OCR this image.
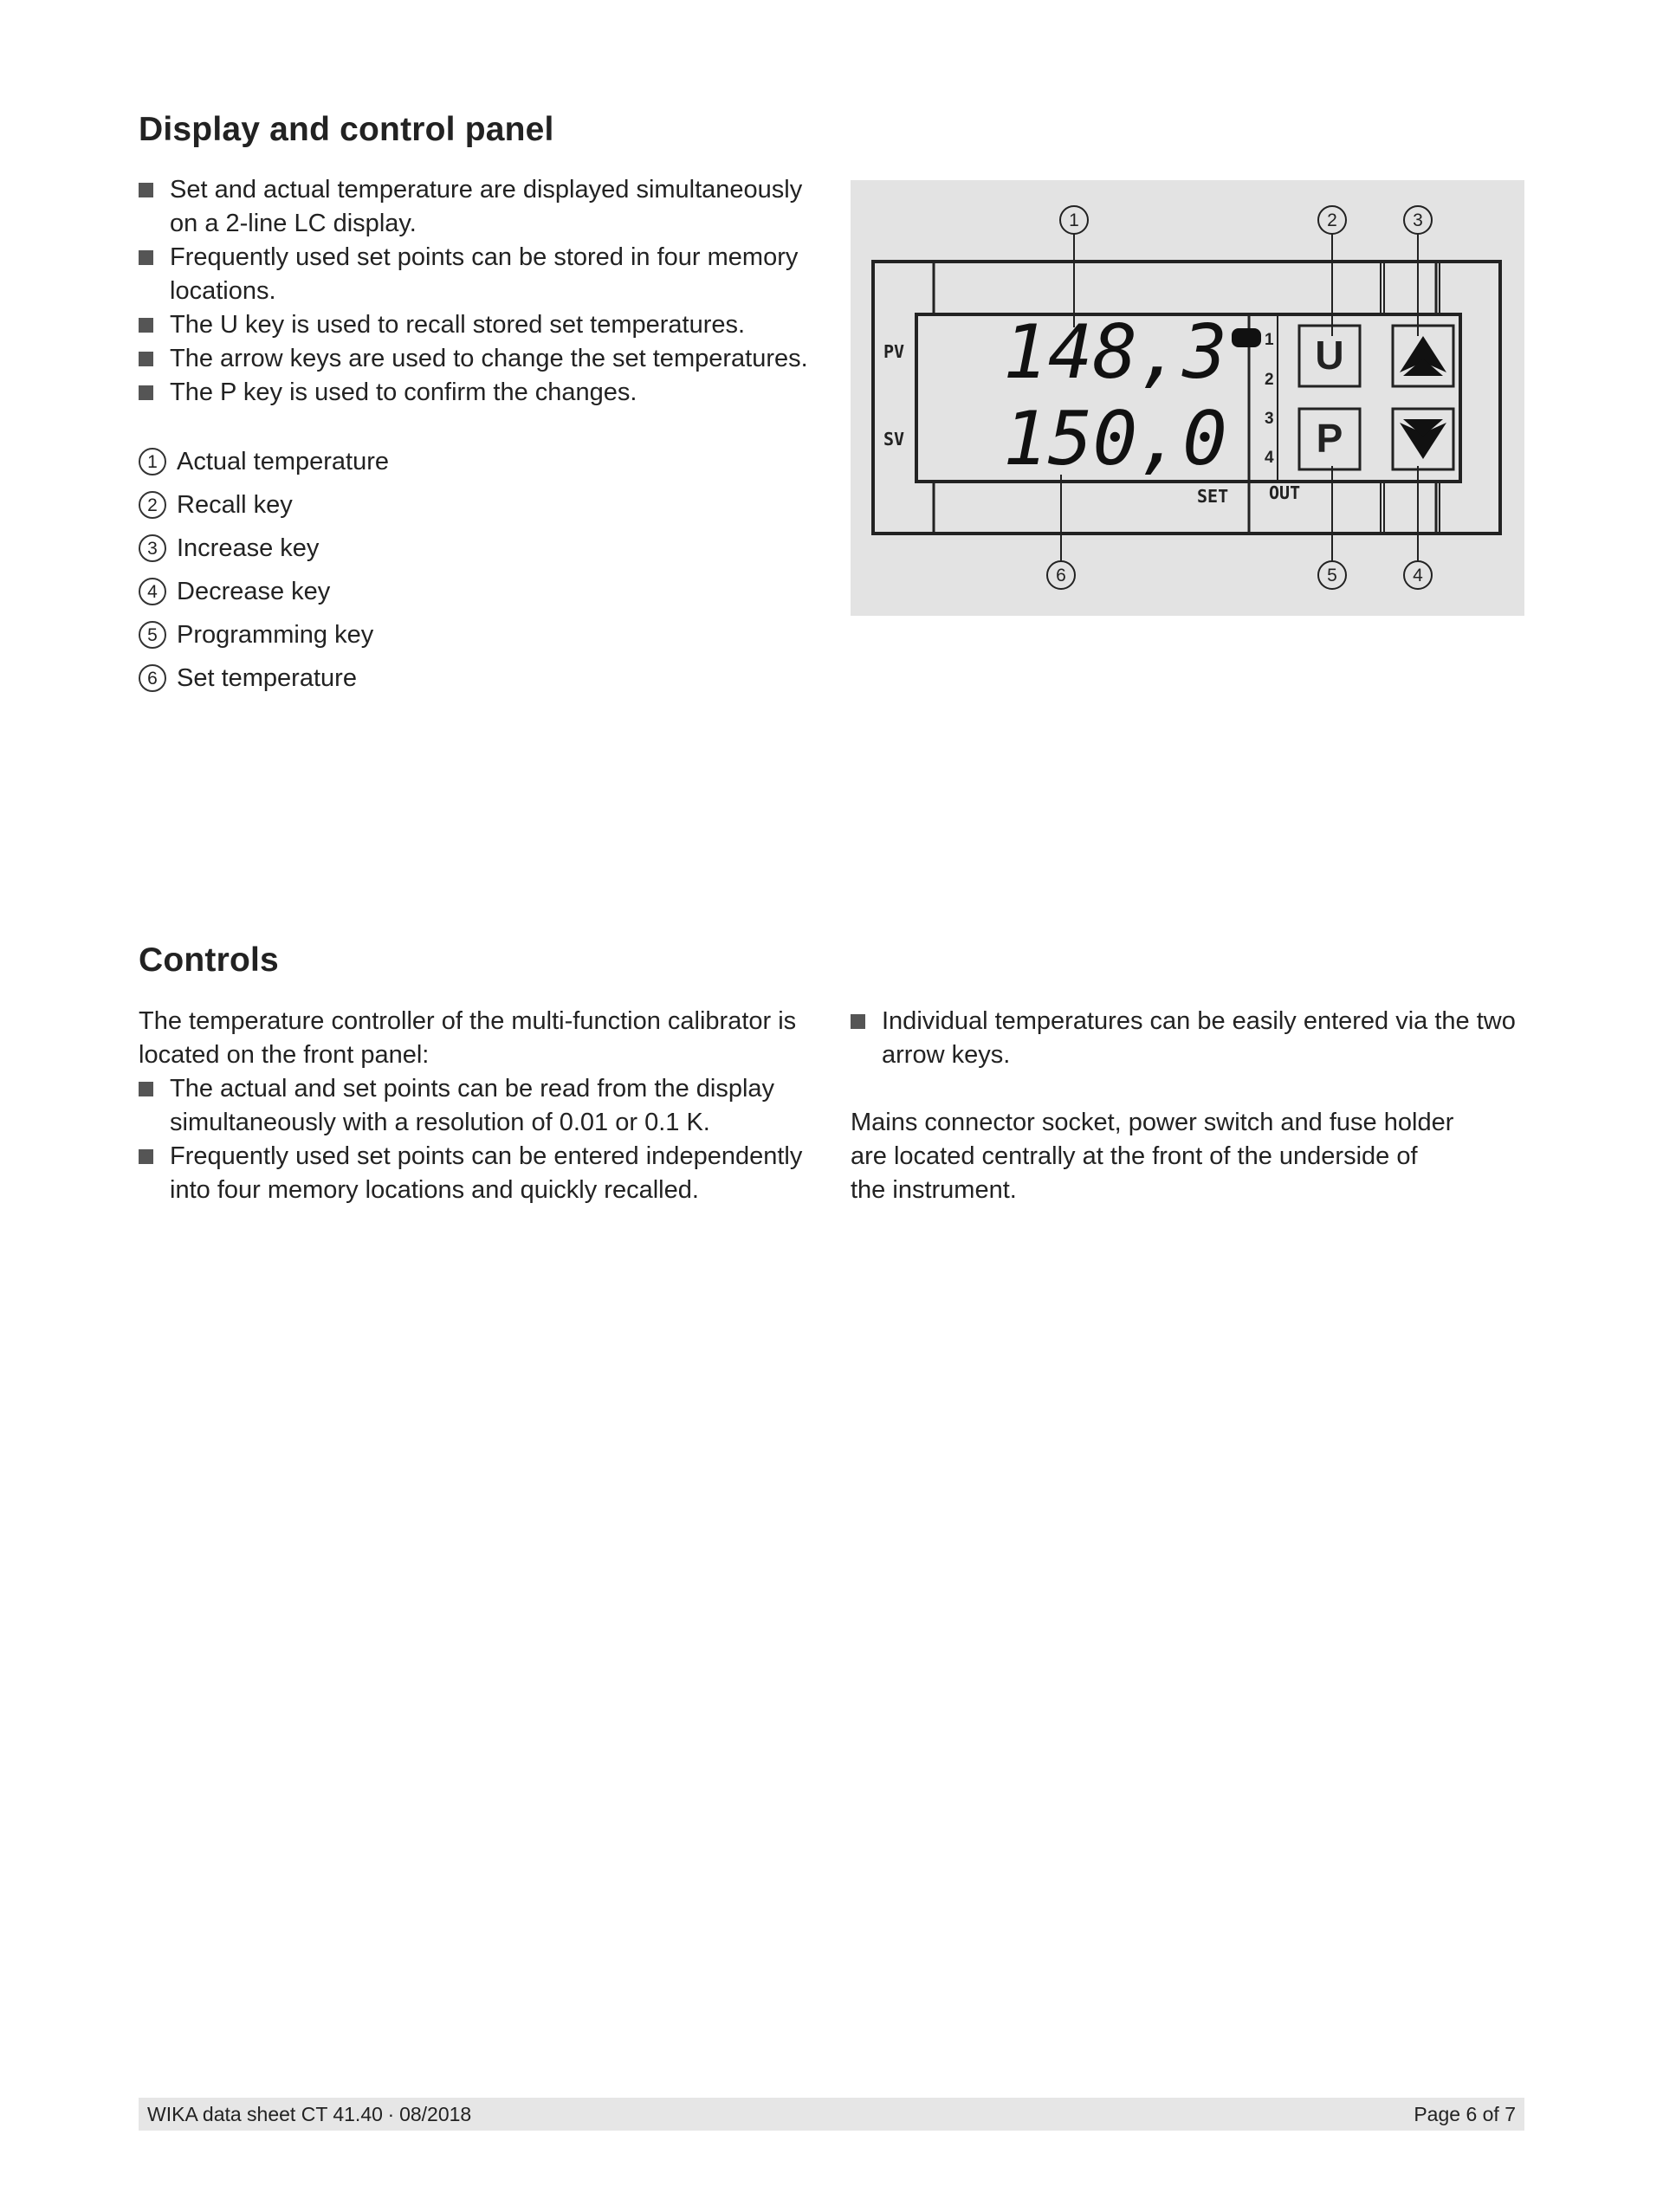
Display and control panel
Set and actual temperature are displayed simultaneously on a 2-line LC display.
Frequently used set points can be stored in four memory locations.
The U key is used to recall stored set temperatures.
The arrow keys are used to change the set temperatures.
The P key is used to confirm the changes.
1 Actual temperature
2 Recall key
3 Increase key
4 Decrease key
5 Programming key
6 Set temperature
PV
SV
148,3
150,0
SET OUT
1
2
3
4
U
P
1	2	3
4
5
6
Controls

The temperature controller of the multi-function calibrator is located on the front panel:

The actual and set points can be read from the display simultaneously with a resolution of 0.01 or 0.1 K.
Frequently used set points can be entered independently into four memory locations and quickly recalled.
Individual temperatures can be easily entered via the two arrow keys.

Mains connector socket, power switch and fuse holder are located centrally at the front of the underside of the instrument.

WIKA data sheet CT 41.40 ∙ 08/2018	Page 6 of 7
